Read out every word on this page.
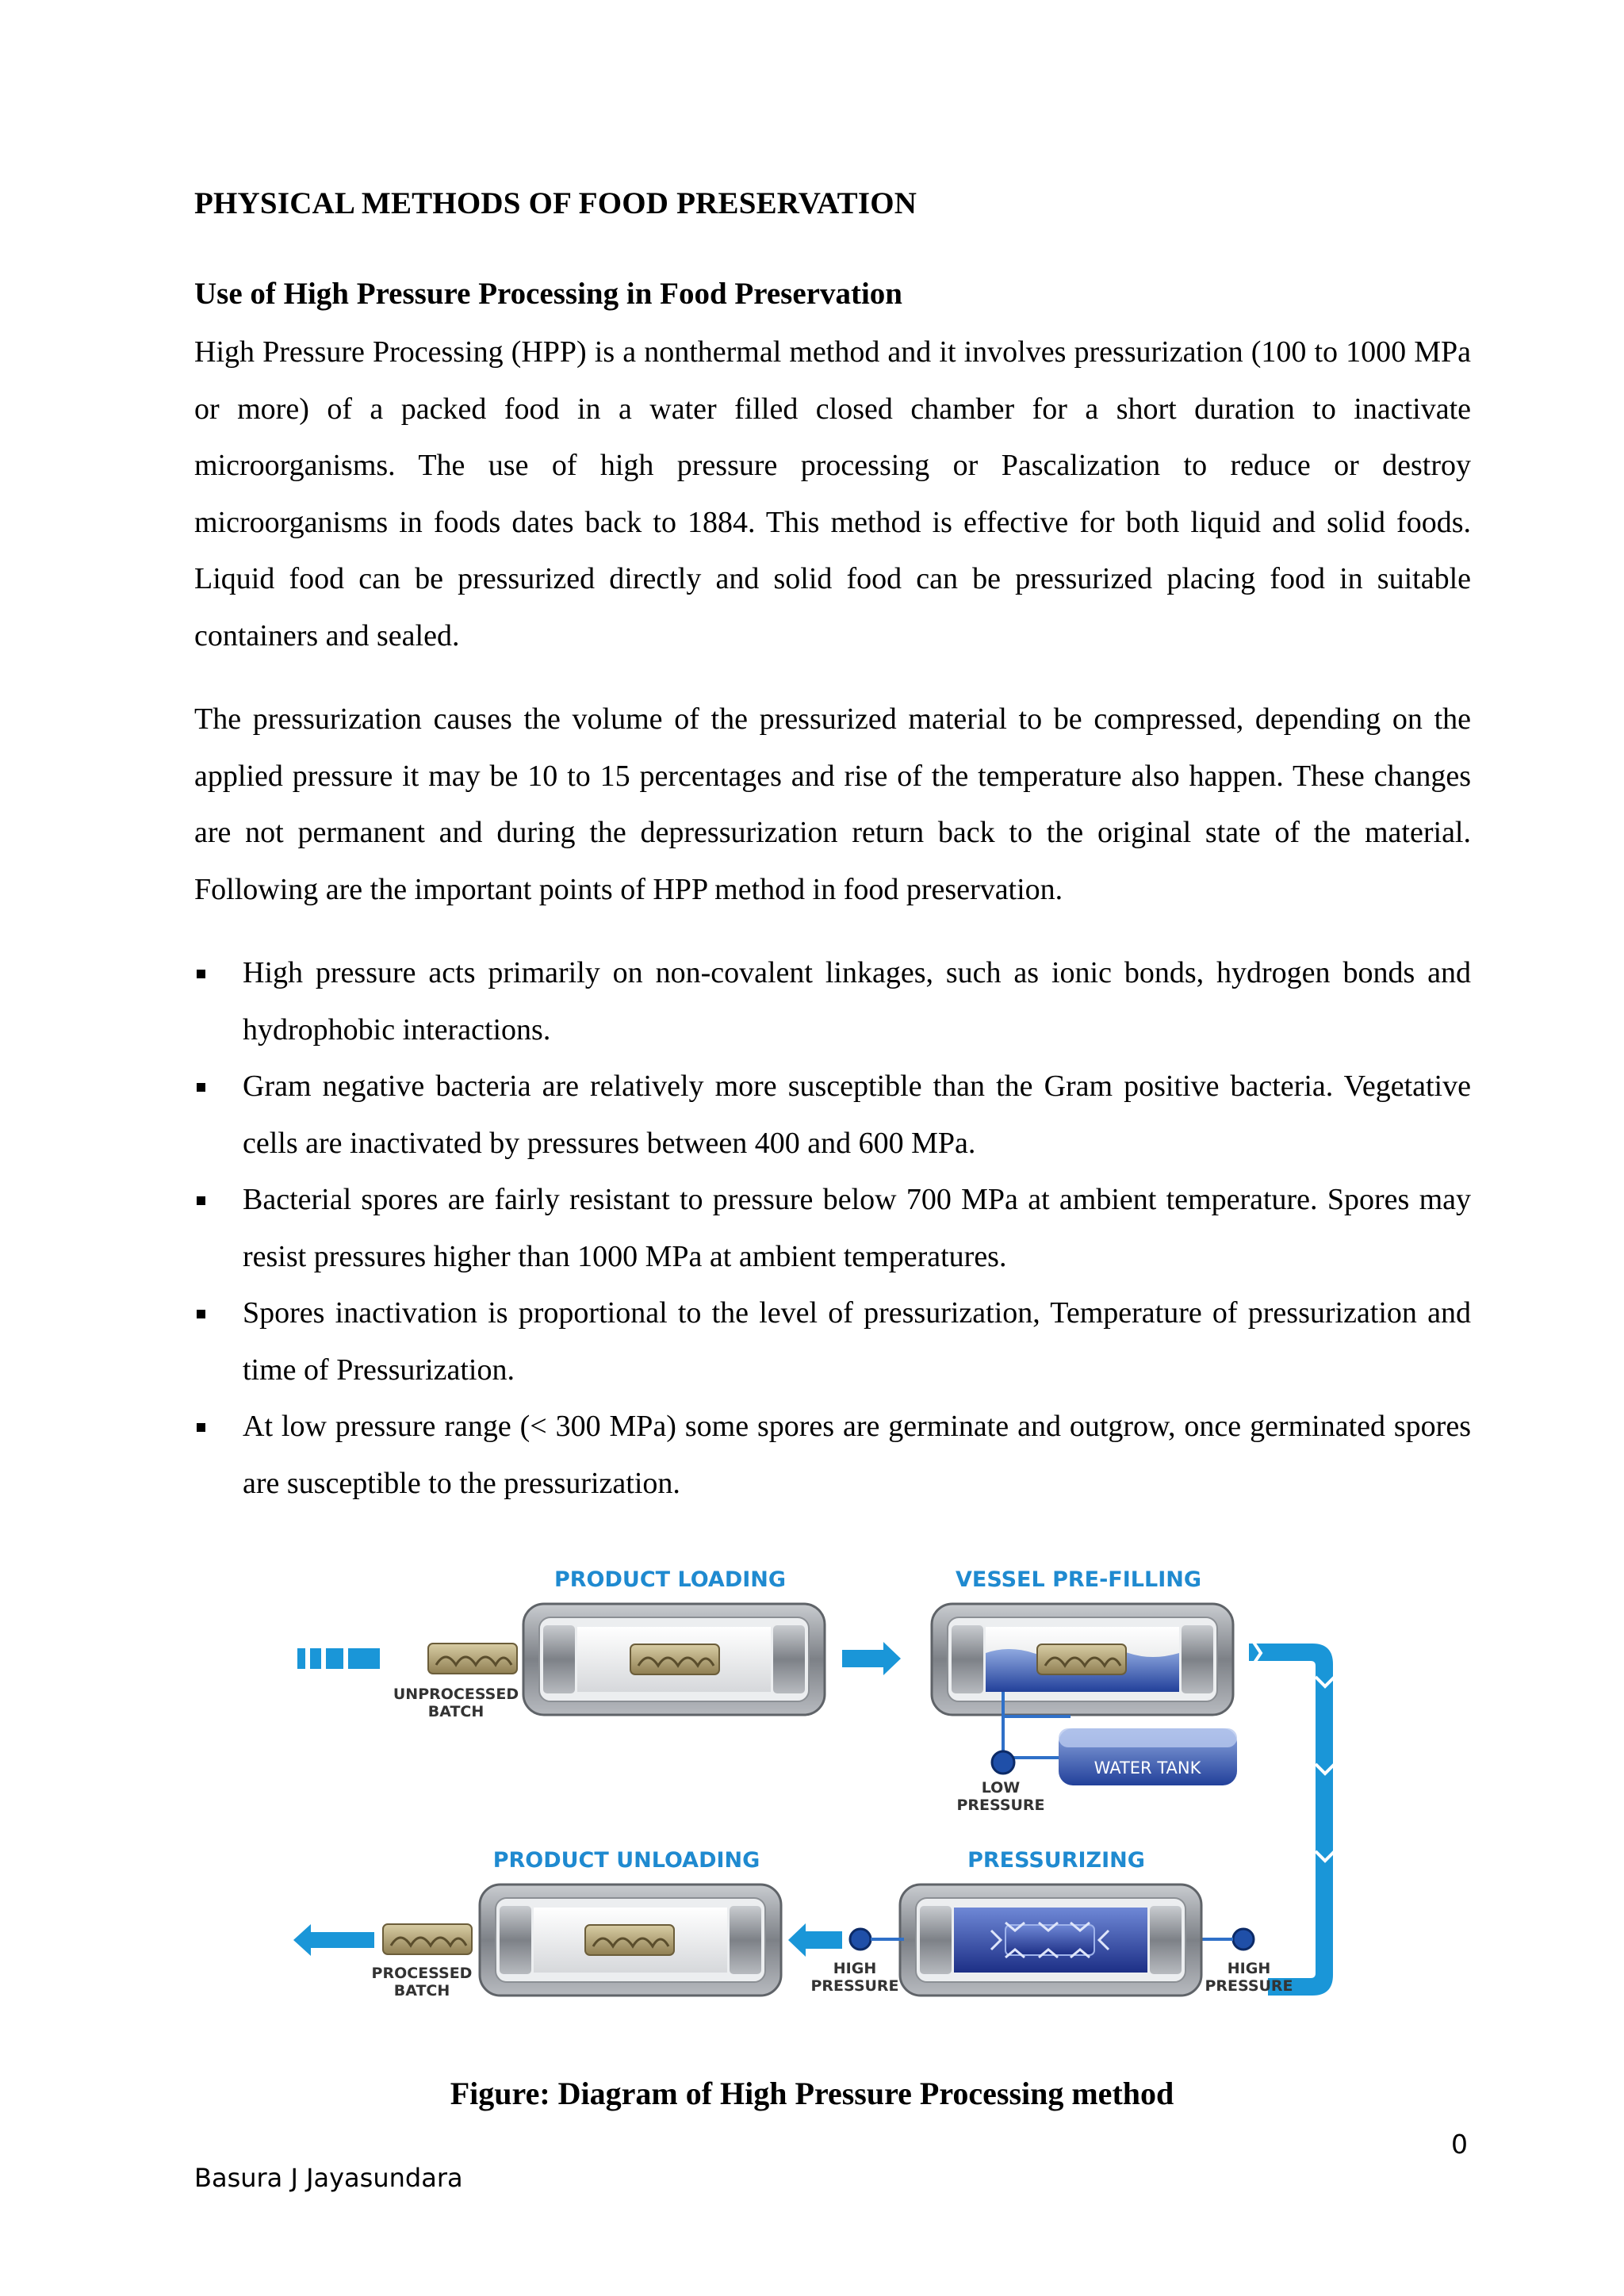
PHYSICAL METHODS OF FOOD PRESERVATION
Use of High Pressure Processing in Food Preservation

High Pressure Processing (HPP) is a nonthermal method and it involves pressurization (100 to 1000 MPa or more) of a packed food in a water filled closed chamber for a short duration to inactivate microorganisms. The use of high pressure processing or Pascalization to reduce or destroy microorganisms in foods dates back to 1884. This method is effective for both liquid and solid foods. Liquid food can be pressurized directly and solid food can be pressurized placing food in suitable containers and sealed.

The pressurization causes the volume of the pressurized material to be compressed, depending on the applied pressure it may be 10 to 15 percentages and rise of the temperature also happen. These changes are not permanent and during the depressurization return back to the original state of the material. Following are the important points of HPP method in food preservation.

High pressure acts primarily on non-covalent linkages, such as ionic bonds, hydrogen bonds and hydrophobic interactions.
Gram negative bacteria are relatively more susceptible than the Gram positive bacteria. Vegetative cells are inactivated by pressures between 400 and 600 MPa.
Bacterial spores are fairly resistant to pressure below 700 MPa at ambient temperature. Spores may resist pressures higher than 1000 MPa at ambient temperatures.
Spores inactivation is proportional to the level of pressurization, Temperature of pressurization and time of Pressurization.
At low pressure range (< 300 MPa) some spores are germinate and outgrow, once germinated spores are susceptible to the pressurization.
PRODUCT LOADING	VESSEL PRE-FILLING
PRODUCT UNLOADING	PRESSURIZING
UNPROCESSED
BATCH
LOW
PRESSURE
WATER TANK
HIGH
PRESSURE
HIGH
PRESSURE
PROCESSED
BATCH
Figure: Diagram of High Pressure Processing method
0
Basura J Jayasundara
